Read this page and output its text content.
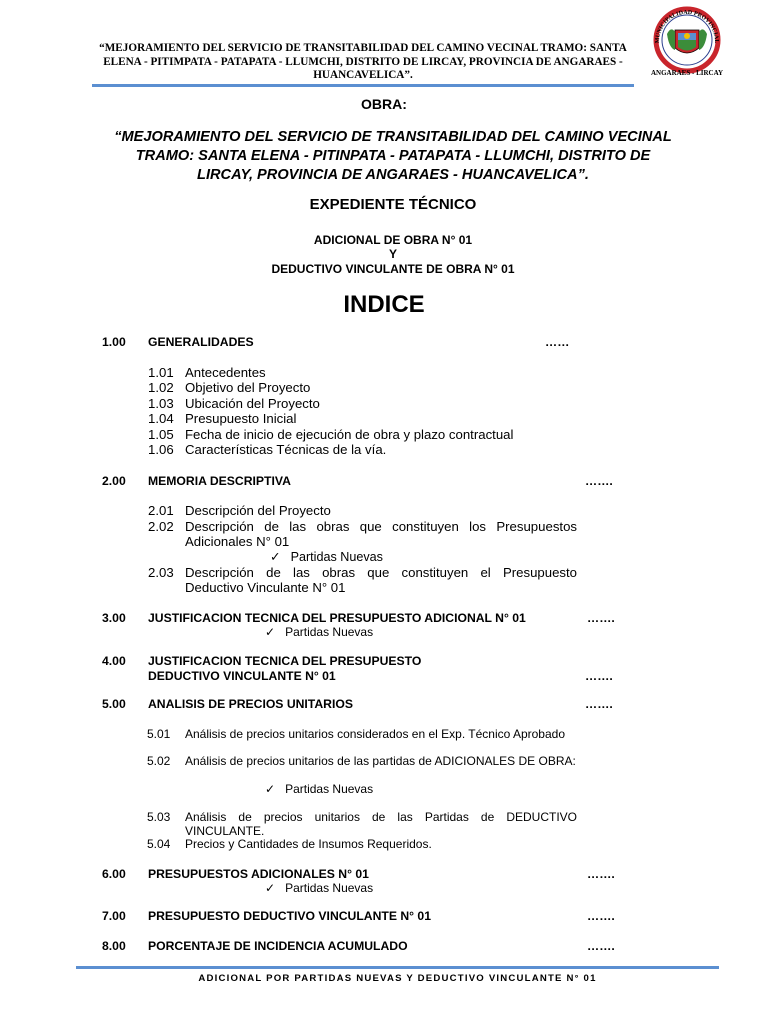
“MEJORAMIENTO DEL SERVICIO DE TRANSITABILIDAD DEL CAMINO VECINAL TRAMO: SANTA ELENA - PITIMPATA - PATAPATA - LLUMCHI, DISTRITO DE LIRCAY, PROVINCIA DE ANGARAES - HUANCAVELICA”.
MUNICIPALIDAD PROVINCIAL
ANGARAES - LIRCAY
OBRA:
“MEJORAMIENTO DEL SERVICIO DE TRANSITABILIDAD DEL CAMINO VECINAL TRAMO: SANTA ELENA - PITINPATA - PATAPATA - LLUMCHI, DISTRITO DE LIRCAY, PROVINCIA DE ANGARAES - HUANCAVELICA”.
EXPEDIENTE TÉCNICO
ADICIONAL DE OBRA N° 01
Y
DEDUCTIVO VINCULANTE DE OBRA N° 01
INDICE
1.00 GENERALIDADES	……
1.01 Antecedentes
1.02 Objetivo del Proyecto
1.03 Ubicación del Proyecto
1.04 Presupuesto Inicial
1.05 Fecha de inicio de ejecución de obra y plazo contractual
1.06 Características Técnicas de la vía.
2.00 MEMORIA DESCRIPTIVA	…….
2.01 Descripción del Proyecto
2.02 Descripción de las obras que constituyen los Presupuestos Adicionales N° 01
✓ Partidas Nuevas
2.03 Descripción de las obras que constituyen el Presupuesto Deductivo Vinculante N° 01
3.00 JUSTIFICACION TECNICA DEL PRESUPUESTO ADICIONAL N° 01	…….
✓ Partidas Nuevas
4.00 JUSTIFICACION TECNICA DEL PRESUPUESTO
DEDUCTIVO VINCULANTE N° 01	…….
5.00 ANALISIS DE PRECIOS UNITARIOS	…….
5.01 Análisis de precios unitarios considerados en el Exp. Técnico Aprobado
5.02 Análisis de precios unitarios de las partidas de ADICIONALES DE OBRA:
✓ Partidas Nuevas
5.03 Análisis de precios unitarios de las Partidas de DEDUCTIVO VINCULANTE.
5.04 Precios y Cantidades de Insumos Requeridos.
6.00 PRESUPUESTOS ADICIONALES N° 01	…….
✓ Partidas Nuevas
7.00 PRESUPUESTO DEDUCTIVO VINCULANTE N° 01	…….
8.00 PORCENTAJE DE INCIDENCIA ACUMULADO	…….
ADICIONAL POR PARTIDAS NUEVAS Y DEDUCTIVO VINCULANTE N° 01
